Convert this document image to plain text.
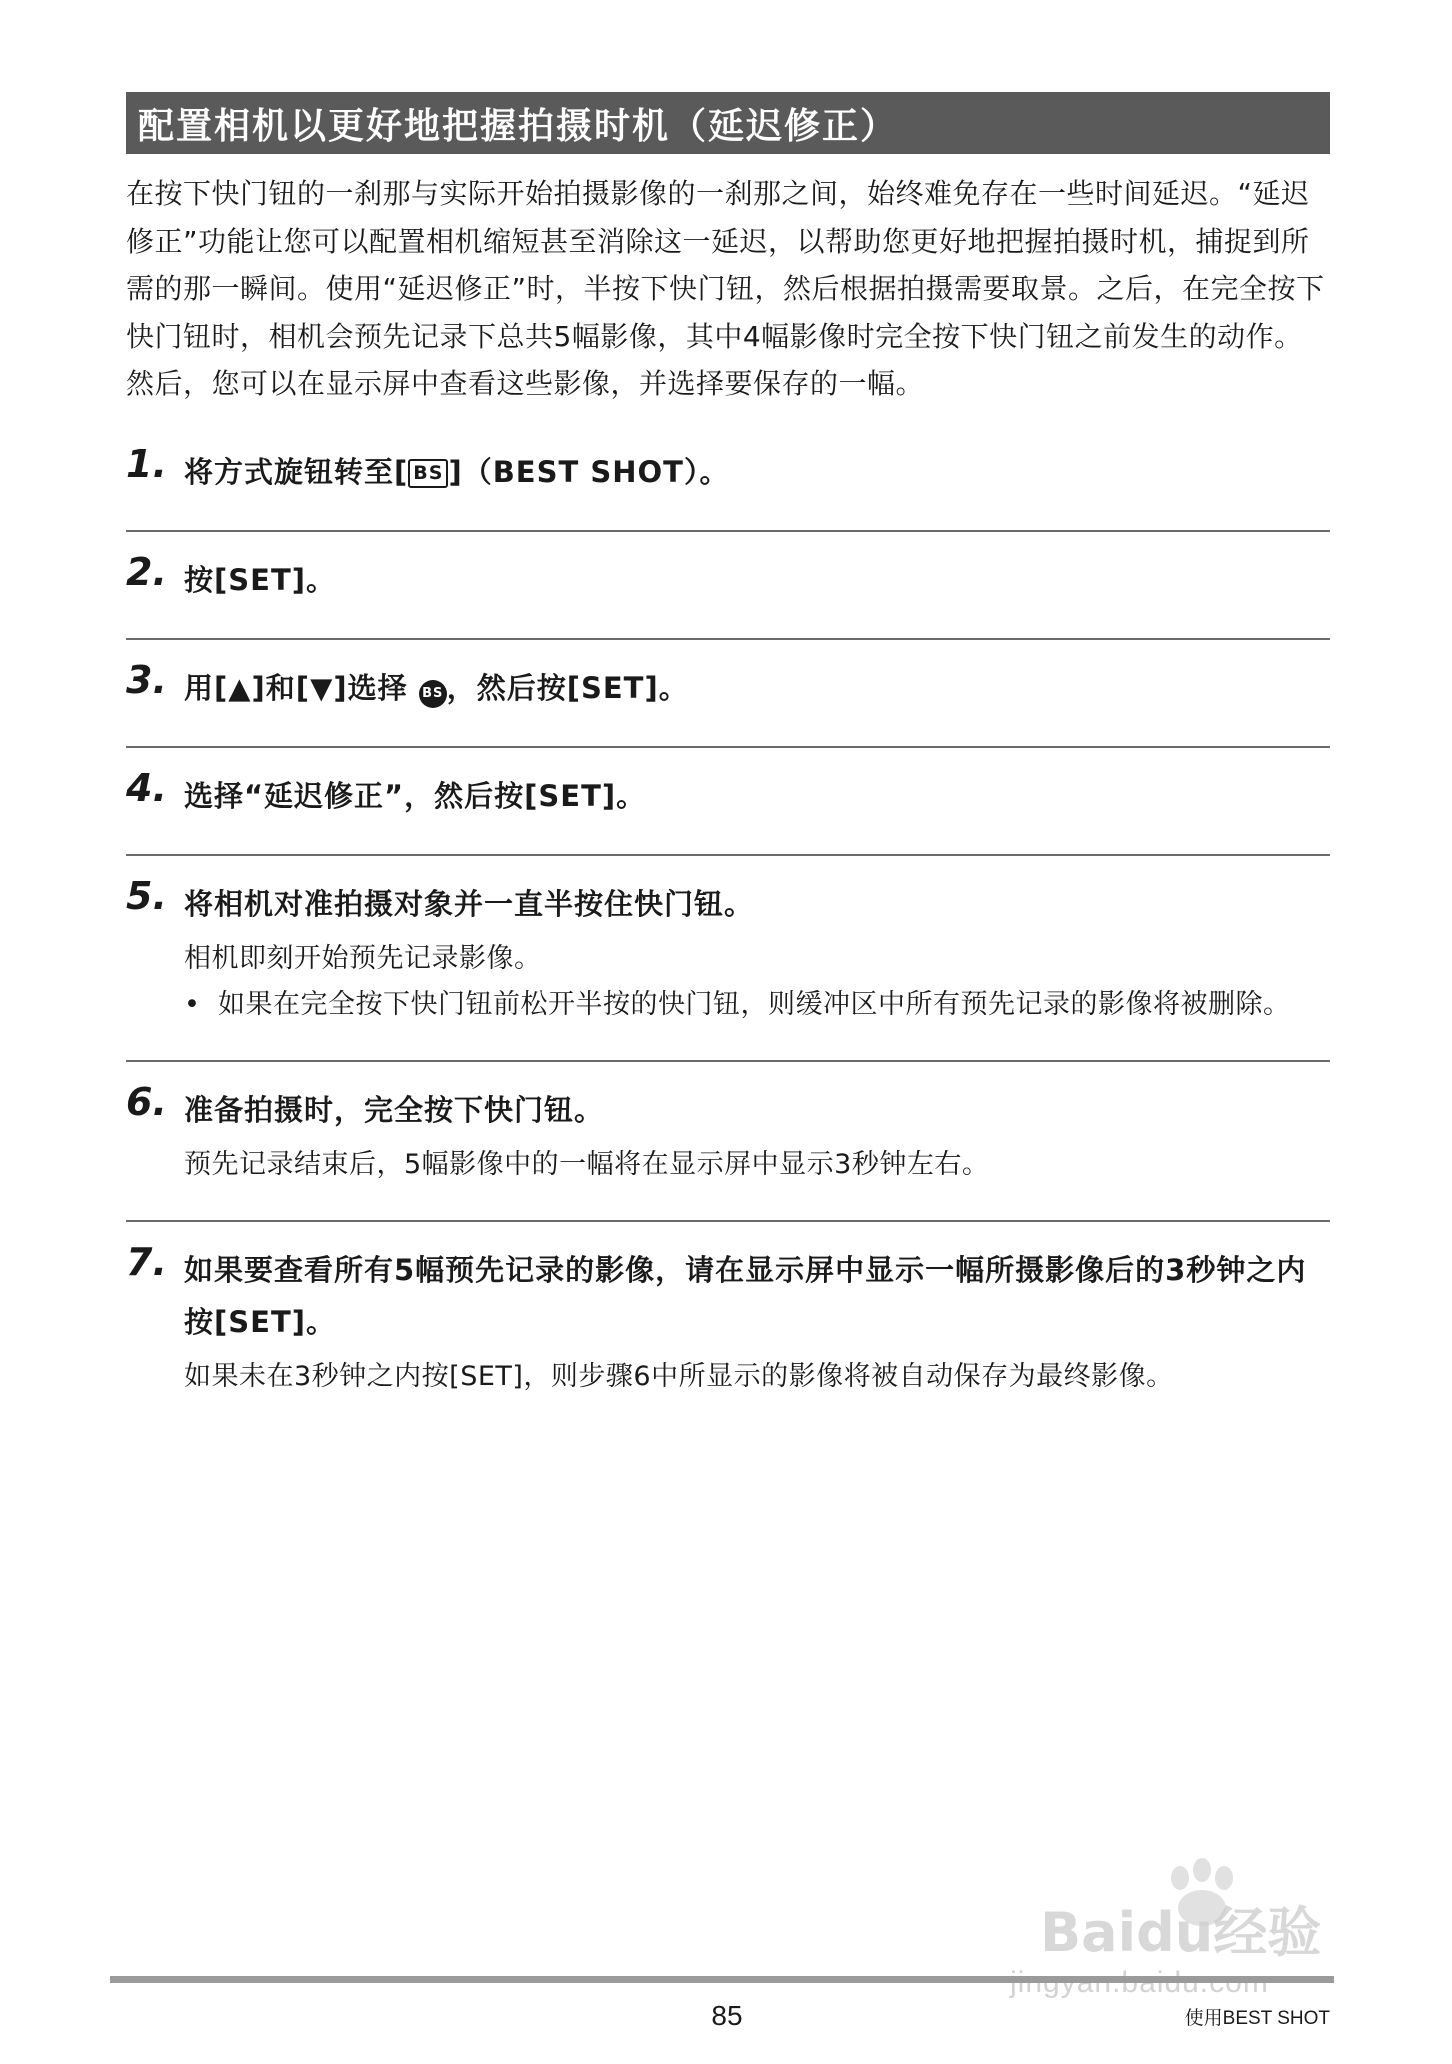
配置相机以更好地把握拍摄时机（延迟修正）
在按下快门钮的一刹那与实际开始拍摄影像的一刹那之间，始终难免存在一些时间延迟。“延迟修正”功能让您可以配置相机缩短甚至消除这一延迟，以帮助您更好地把握拍摄时机，捕捉到所需的那一瞬间。使用“延迟修正”时，半按下快门钮，然后根据拍摄需要取景。之后，在完全按下快门钮时，相机会预先记录下总共5幅影像，其中4幅影像时完全按下快门钮之前发生的动作。然后，您可以在显示屏中查看这些影像，并选择要保存的一幅。
1. 将方式旋钮转至[ BS ]（BEST SHOT）。
2. 按[SET]。
3. 用[▲]和[▼]选择 BS ，然后按[SET]。
4. 选择“延迟修正”，然后按[SET]。
5. 将相机对准拍摄对象并一直半按住快门钮。
相机即刻开始预先记录影像。
• 如果在完全按下快门钮前松开半按的快门钮，则缓冲区中所有预先记录的影像将被删除。
6. 准备拍摄时，完全按下快门钮。
预先记录结束后，5幅影像中的一幅将在显示屏中显示3秒钟左右。
7. 如果要查看所有5幅预先记录的影像，请在显示屏中显示一幅所摄影像后的3秒钟之内按[SET]。
如果未在3秒钟之内按[SET]，则步骤6中所显示的影像将被自动保存为最终影像。
Baidu经验
85	使用BEST SHOT
